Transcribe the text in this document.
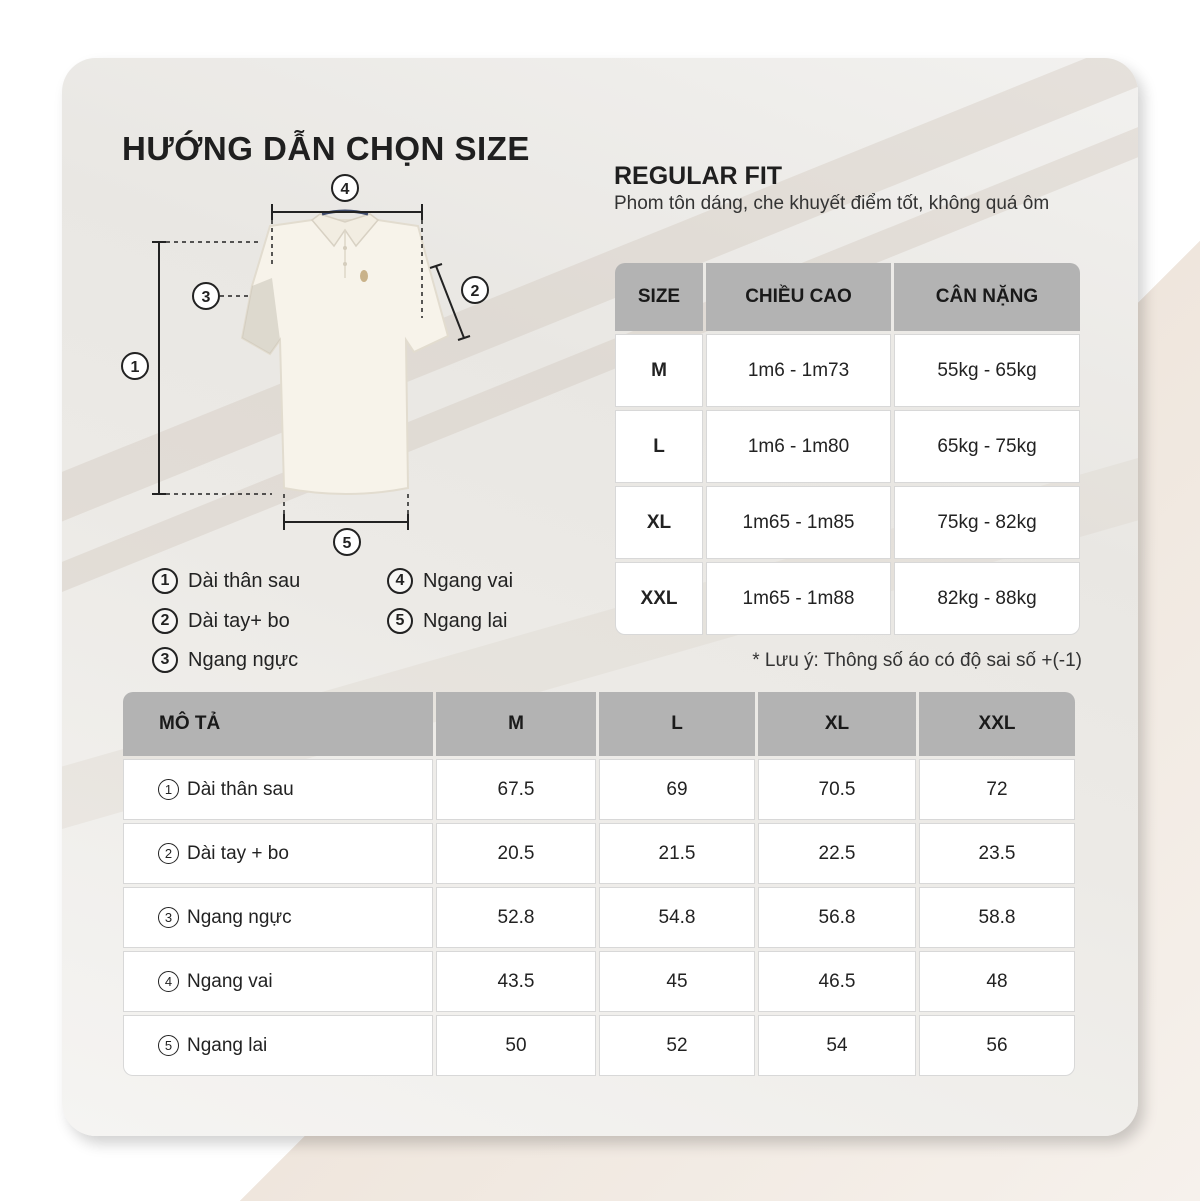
HƯỚNG DẪN CHỌN SIZE
4
2
1
3
5
1 Dài thân sau
2 Dài tay+ bo
3 Ngang ngực
4 Ngang vai
5 Ngang lai
REGULAR FIT

Phom tôn dáng, che khuyết điểm tốt, không quá ôm

SIZE	CHIỀU CAO	CÂN NẶNG
M	1m6 - 1m73	55kg - 65kg
L	1m6 - 1m80	65kg - 75kg
XL	1m65 - 1m85	75kg - 82kg
XXL	1m65 - 1m88	82kg - 88kg
* Lưu ý: Thông số áo có độ sai số +(-1)
MÔ TẢ	M	L	XL	XXL

1 Dài thân sau	67.5	69	70.5	72

2 Dài tay + bo	20.5	21.5	22.5	23.5

3 Ngang ngực	52.8	54.8	56.8	58.8

4 Ngang vai	43.5	45	46.5	48

5 Ngang lai	50	52	54	56
